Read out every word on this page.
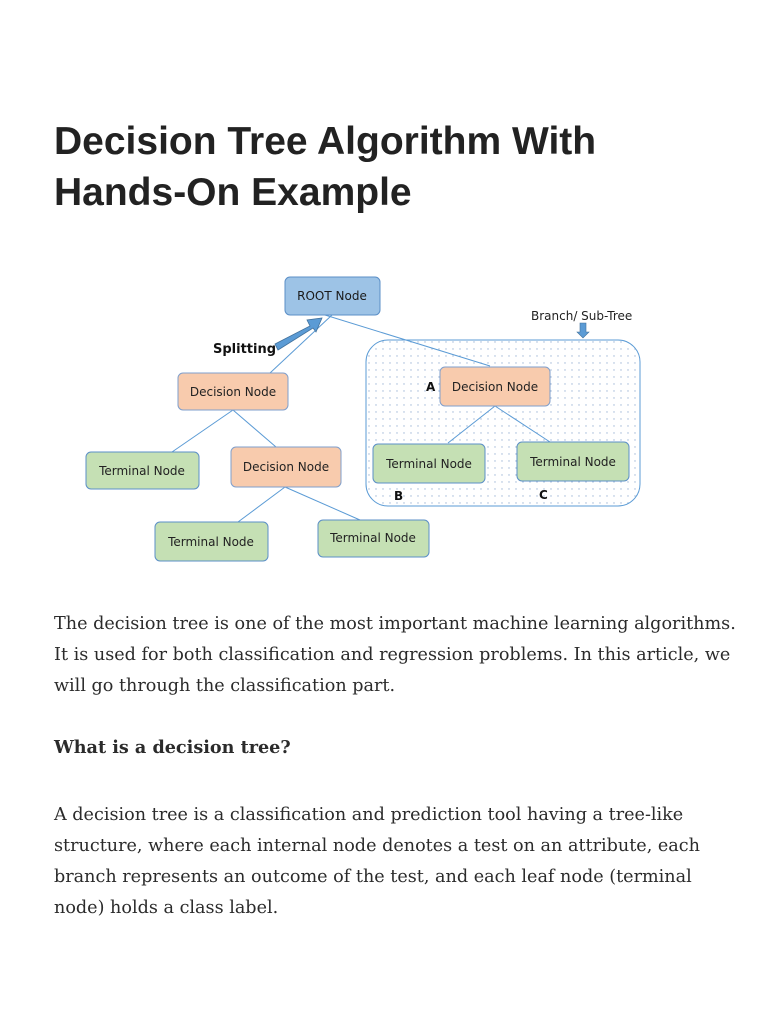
Decision Tree Algorithm With Hands-On Example
ROOT Node
Splitting
Branch/ Sub-Tree
Decision Node	Decision Node
A
Terminal Node	Decision Node	Terminal Node
B
Terminal Node
C
Terminal Node	Terminal Node

The decision tree is one of the most important machine learning algorithms. It is used for both classification and regression problems. In this article, we will go through the classification part.

What is a decision tree?

A decision tree is a classification and prediction tool having a tree-like structure, where each internal node denotes a test on an attribute, each branch represents an outcome of the test, and each leaf node (terminal node) holds a class label.
